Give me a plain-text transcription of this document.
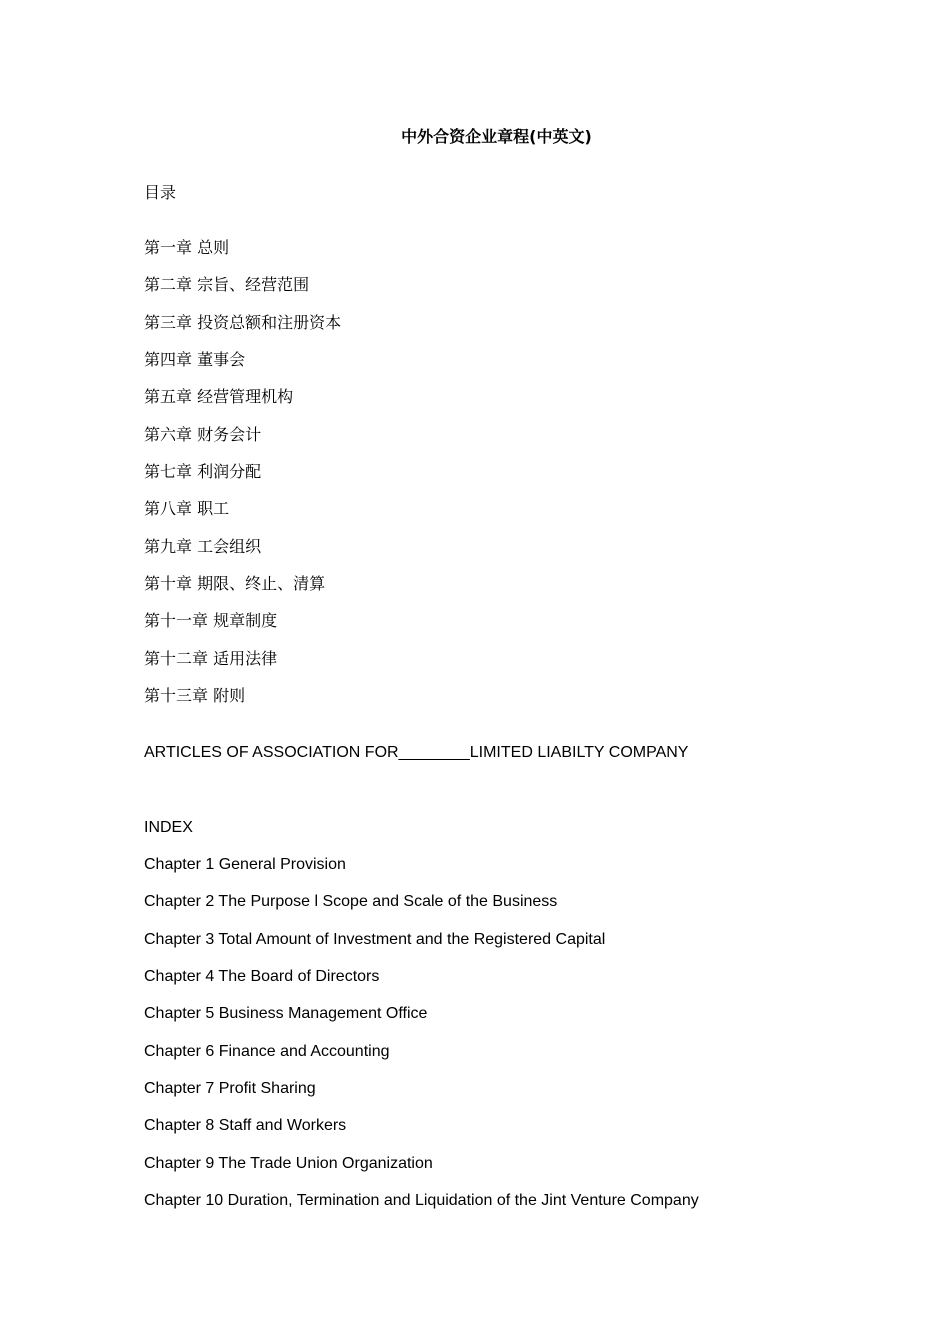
中外合资企业章程(中英文)
目录
第一章 总则
第二章 宗旨、经营范围
第三章 投资总额和注册资本
第四章 董事会
第五章 经营管理机构
第六章 财务会计
第七章 利润分配
第八章 职工
第九章 工会组织
第十章 期限、终止、清算
第十一章 规章制度
第十二章 适用法律
第十三章 附则
ARTICLES OF ASSOCIATION FOR________LIMITED LIABILTY COMPANY
INDEX
Chapter 1 General Provision
Chapter 2 The Purpose l Scope and Scale of the Business
Chapter 3 Total Amount of Investment and the Registered Capital
Chapter 4 The Board of Directors
Chapter 5 Business Management Office
Chapter 6 Finance and Accounting
Chapter 7 Profit Sharing
Chapter 8 Staff and Workers
Chapter 9 The Trade Union Organization
Chapter 10 Duration, Termination and Liquidation of the Jint Venture Company
